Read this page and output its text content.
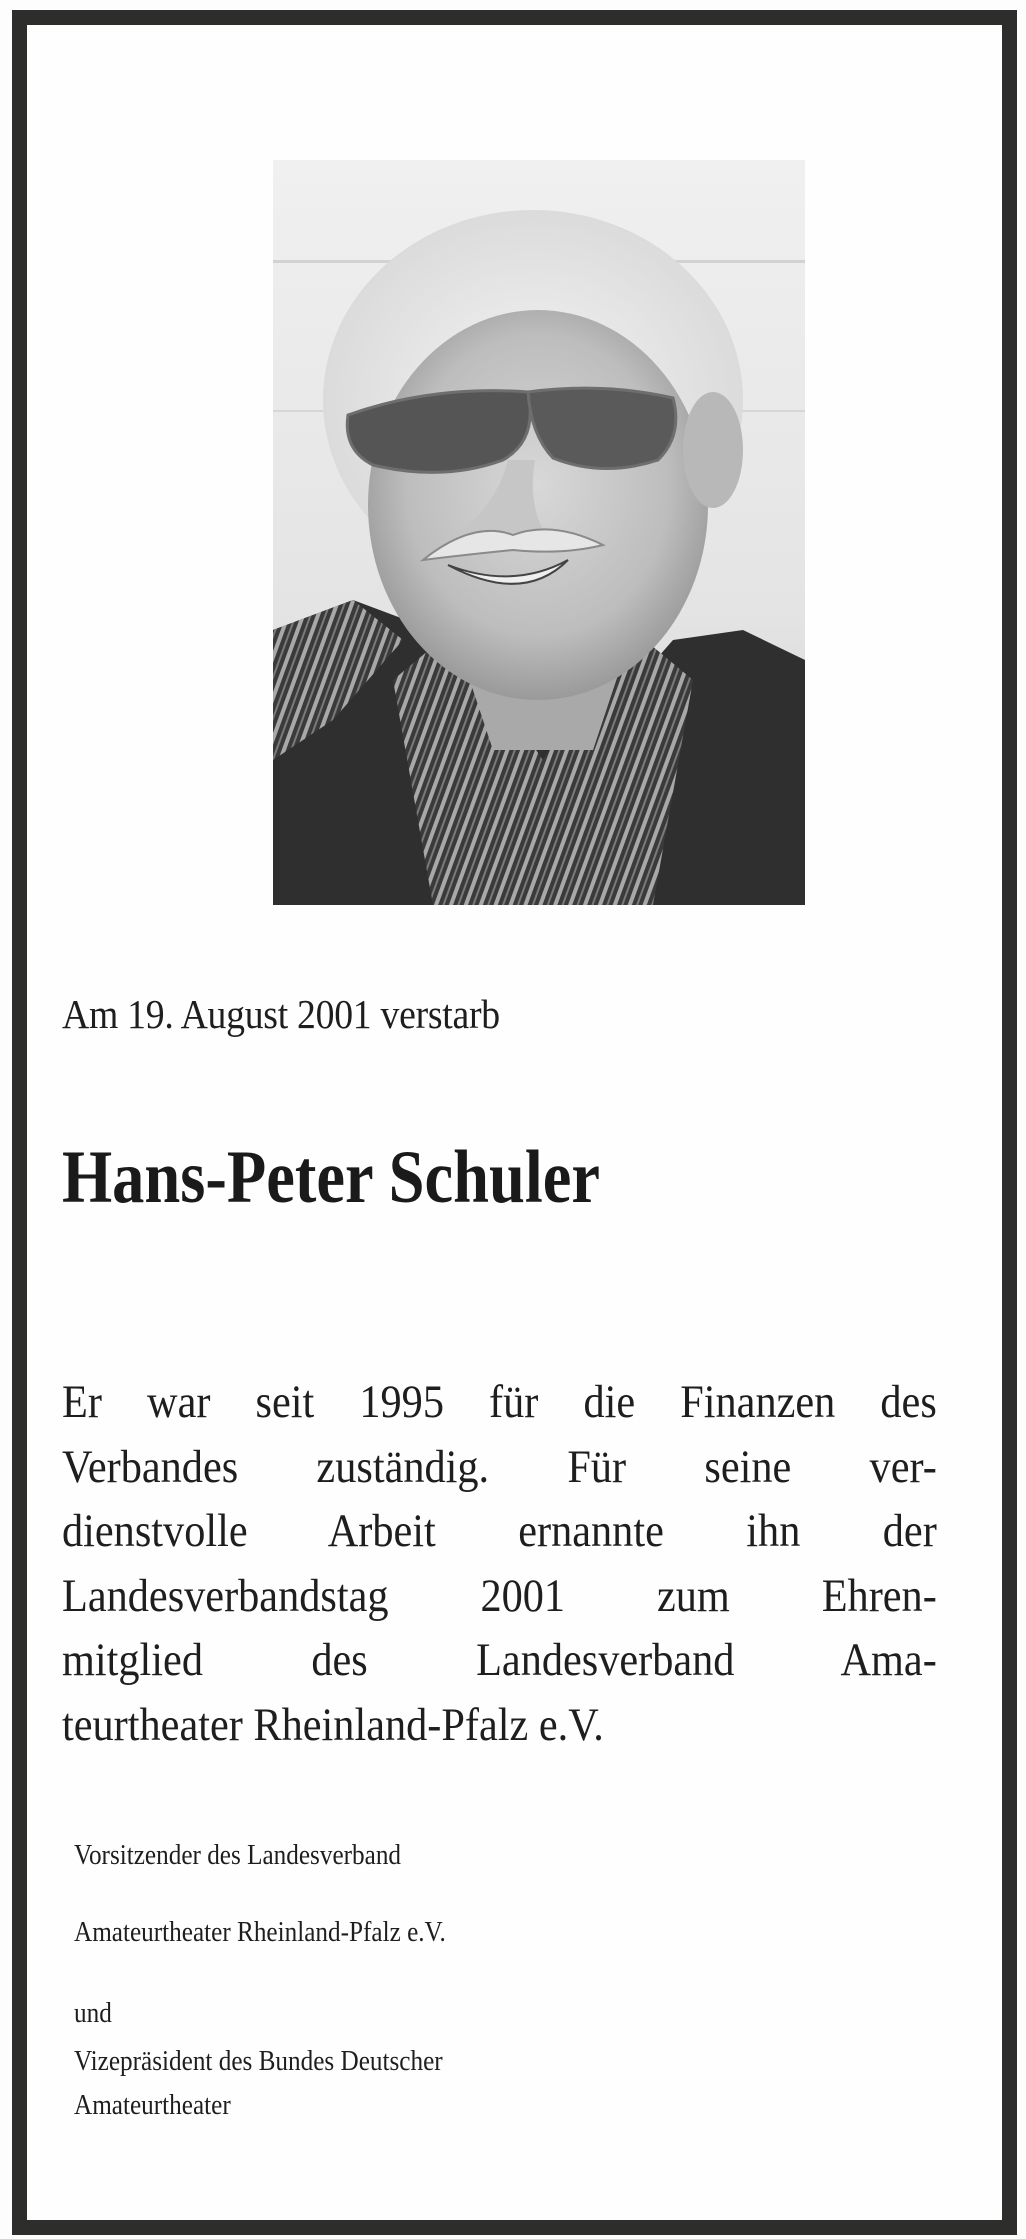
Am 19. August 2001 verstarb
Hans-Peter Schuler
Er war seit 1995 für die Finanzen des
Verbandes zuständig. Für seine ver-
dienstvolle Arbeit ernannte ihn der
Landesverbandstag 2001 zum Ehren-
mitglied des Landesverband Ama-
teurtheater Rheinland-Pfalz e.V.
Vorsitzender des Landesverband
Amateurtheater Rheinland-Pfalz e.V.
und
Vizepräsident des Bundes Deutscher
Amateurtheater
